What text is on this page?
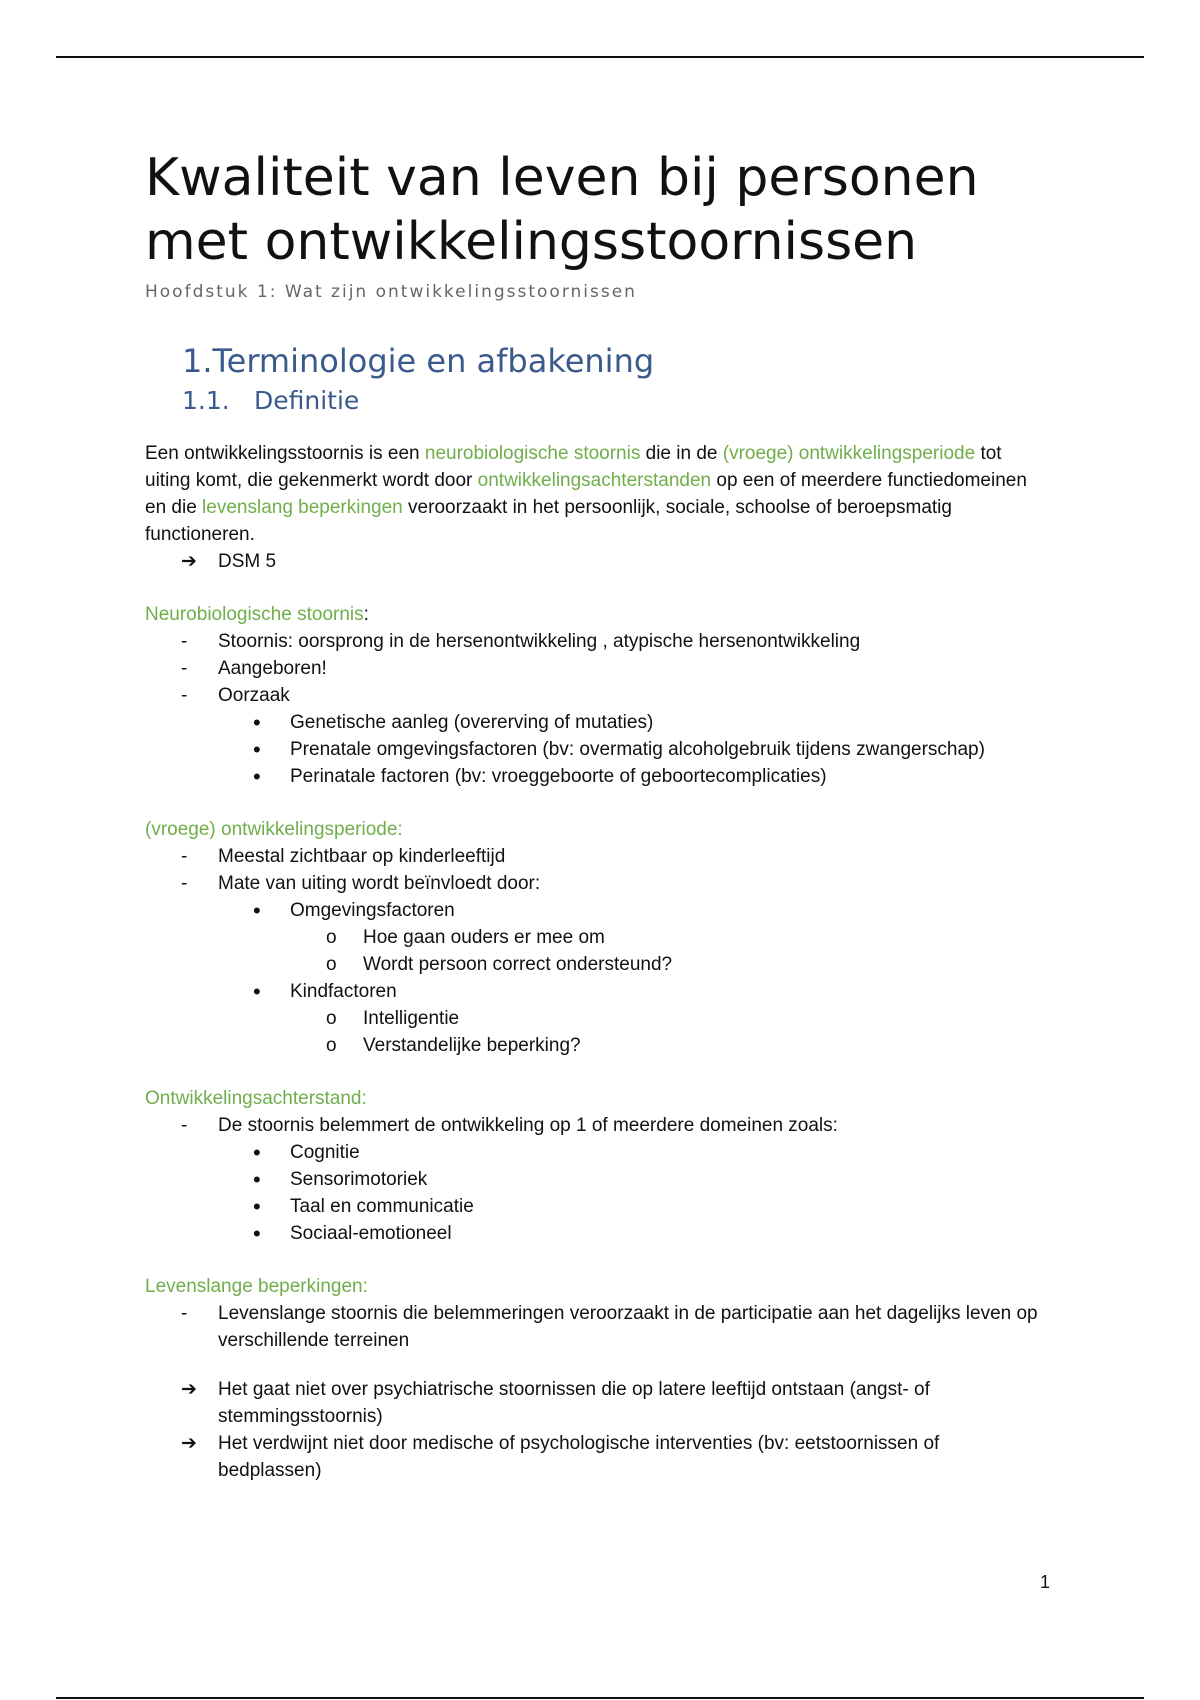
Kwaliteit van leven bij personen
met ontwikkelingsstoornissen
Hoofdstuk 1: Wat zijn ontwikkelingsstoornissen
1.Terminologie en afbakening
1.1. Definitie
Een ontwikkelingsstoornis is een neurobiologische stoornis die in de (vroege) ontwikkelingsperiode tot uiting komt, die gekenmerkt wordt door ontwikkelingsachterstanden op een of meerdere functiedomeinen en die levenslang beperkingen veroorzaakt in het persoonlijk, sociale, schoolse of beroepsmatig functioneren.
➔ DSM 5
Neurobiologische stoornis:
- Stoornis: oorsprong in de hersenontwikkeling , atypische hersenontwikkeling
- Aangeboren!
- Oorzaak
• Genetische aanleg (overerving of mutaties)
• Prenatale omgevingsfactoren (bv: overmatig alcoholgebruik tijdens zwangerschap)
• Perinatale factoren (bv: vroeggeboorte of geboortecomplicaties)
(vroege) ontwikkelingsperiode:
- Meestal zichtbaar op kinderleeftijd
- Mate van uiting wordt beïnvloedt door:
• Omgevingsfactoren
o Hoe gaan ouders er mee om
o Wordt persoon correct ondersteund?
• Kindfactoren
o Intelligentie
o Verstandelijke beperking?
Ontwikkelingsachterstand:
- De stoornis belemmert de ontwikkeling op 1 of meerdere domeinen zoals:
• Cognitie
• Sensorimotoriek
• Taal en communicatie
• Sociaal-emotioneel
Levenslange beperkingen:
- Levenslange stoornis die belemmeringen veroorzaakt in de participatie aan het dagelijks leven op verschillende terreinen
➔ Het gaat niet over psychiatrische stoornissen die op latere leeftijd ontstaan (angst- of stemmingsstoornis)
➔ Het verdwijnt niet door medische of psychologische interventies (bv: eetstoornissen of bedplassen)
1
